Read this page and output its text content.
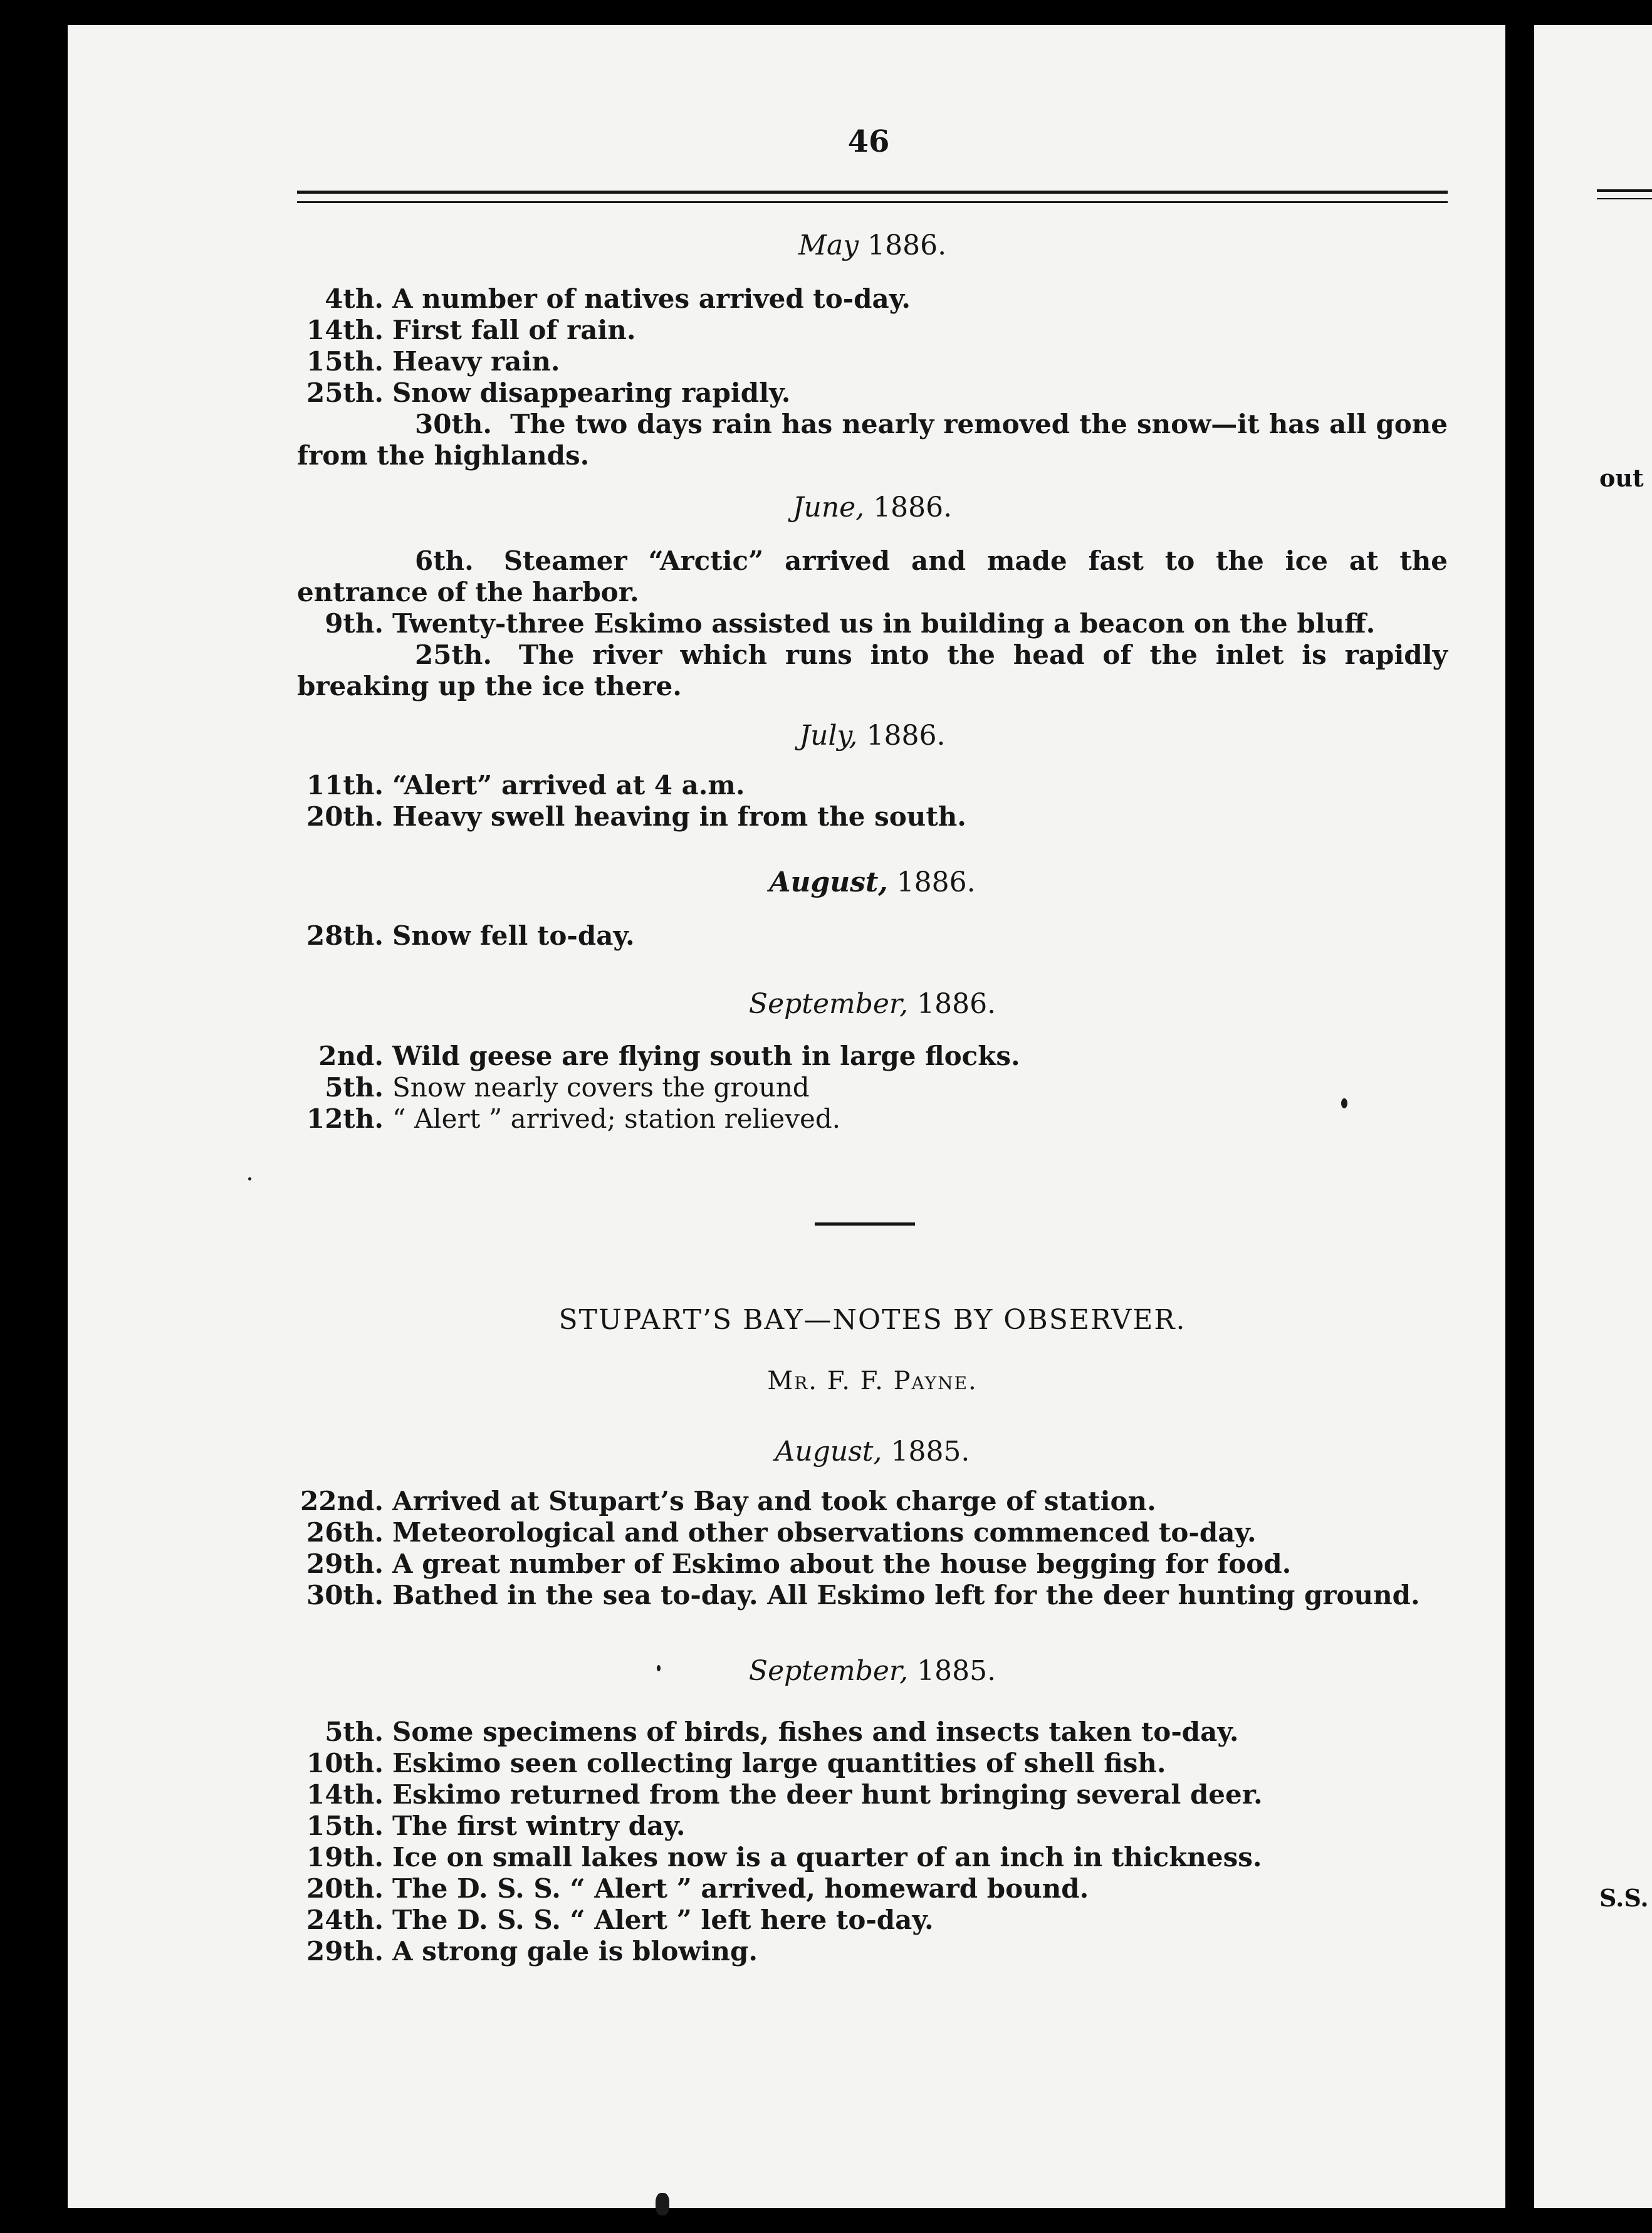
out
S.S.
46
May 1886.
4th. A number of natives arrived to-day.
14th. First fall of rain.
15th. Heavy rain.
25th. Snow disappearing rapidly.
30th. The two days rain has nearly removed the snow—it has all gone from the highlands.
June, 1886.
6th. Steamer “Arctic” arrived and made fast to the ice at the entrance of the harbor.
9th. Twenty-three Eskimo assisted us in building a beacon on the bluff.
25th. The river which runs into the head of the inlet is rapidly breaking up the ice there.
July, 1886.
11th. “Alert” arrived at 4 a.m.
20th. Heavy swell heaving in from the south.
August, 1886.
28th. Snow fell to-day.
September, 1886.
2nd. Wild geese are flying south in large flocks.
5th. Snow nearly covers the ground
12th. “ Alert ” arrived; station relieved.
STUPART’S BAY—NOTES BY OBSERVER.
Mr. F. F. Payne.
August, 1885.
22nd. Arrived at Stupart’s Bay and took charge of station.
26th. Meteorological and other observations commenced to-day.
29th. A great number of Eskimo about the house begging for food.
30th. Bathed in the sea to-day. All Eskimo left for the deer hunting ground.
September, 1885.
5th. Some specimens of birds, fishes and insects taken to-day.
10th. Eskimo seen collecting large quantities of shell fish.
14th. Eskimo returned from the deer hunt bringing several deer.
15th. The first wintry day.
19th. Ice on small lakes now is a quarter of an inch in thickness.
20th. The D. S. S. “ Alert ” arrived, homeward bound.
24th. The D. S. S. “ Alert ” left here to-day.
29th. A strong gale is blowing.
